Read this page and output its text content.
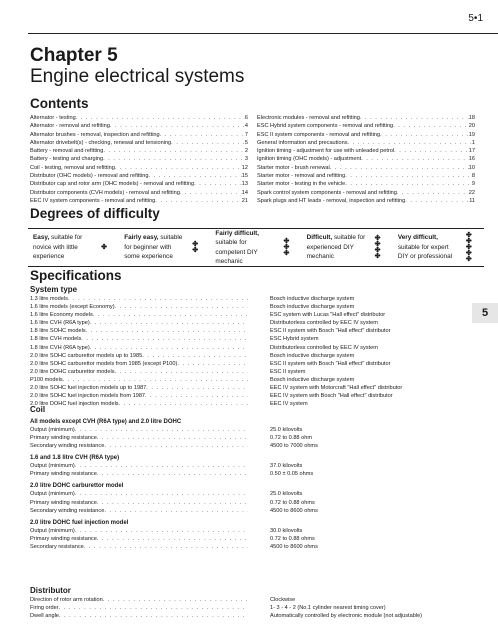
5•1
Chapter 5
Engine electrical systems
Contents
Alternator - testing . . .	6
Alternator - removal and refitting . . .	4
Alternator brushes - removal, inspection and refitting . . .	7
Alternator drivebelt(s) - checking, renewal and tensioning . . .	5
Battery - removal and refitting . . .	2
Battery - testing and charging . . .	3
Coil - testing, removal and refitting . . .	12
Distributor (OHC models) - removal and refitting . . .	15
Distributor cap and rotor arm (OHC models) - removal and refitting . . .	13
Distributor components (CVH models) - removal and refitting . . .	14
EEC IV system components - removal and refitting . . .	21
Electronic modules - removal and refitting . . .	18
ESC Hybrid system components - removal and refitting . . .	20
ESC II system components - removal and refitting . . .	19
General information and precautions . . .	1
Ignition timing - adjustment for use with unleaded petrol . . .	17
Ignition timing (OHC models) - adjustment . . .	16
Starter motor - brush renewal . . .	10
Starter motor - removal and refitting . . .	8
Starter motor - testing in the vehicle . . .	9
Spark control system components - removal and refitting . . .	22
Spark plugs and HT leads - removal, inspection and refitting . . .	11
Degrees of difficulty
Easy, suitable for novice with little experience
✤
Fairly easy, suitable for beginner with some experience
✤
✤
Fairly difficult, suitable for competent DIY mechanic
✤
✤
✤
Difficult, suitable for experienced DIY mechanic
✤
✤
✤
✤
Very difficult, suitable for expert DIY or professional
✤
✤
✤
✤
✤
Specifications
System type
1.3 litre models . . .	Bosch inductive discharge system
1.6 litre models (except Economy) . . .	Bosch inductive discharge system
1.6 litre Economy models . . .	ESC system with Lucas "Hall effect" distributor
1.6 litre CVH (R6A type) . . .	Distributorless controlled by EEC IV system
1.8 litre SOHC models . . .	ESC II system with Bosch "Hall effect" distributor
1.8 litre CVH models . . .	ESC Hybrid system
1.8 litre CVH (R6A type) . . .	Distributorless controlled by EEC IV system
2.0 litre SOHC carburettor models up to 1985 . . .	Bosch inductive discharge system
2.0 litre SOHC carburettor models from 1985 (except P100) . . .	ESC II system with Bosch "Hall effect" distributor
2.0 litre DOHC carburettor models . . .	ESC II system
P100 models . . .	Bosch inductive discharge system
2.0 litre SOHC fuel injection models up to 1987 . . .	EEC IV system with Motorcraft "Hall effect" distributor
2.0 litre SOHC fuel injection models from 1987 . . .	EEC IV system with Bosch "Hall effect" distributor
2.0 litre DOHC fuel injection models . . .	EEC IV system
Coil
All models except CVH (R6A type) and 2.0 litre DOHC
Output (minimum) . . .	25.0 kilovolts
Primary winding resistance . . .	0.72 to 0.88 ohm
Secondary winding resistance . . .	4500 to 7000 ohms
1.6 and 1.8 litre CVH (R6A type)
Output (minimum) . . .	37.0 kilovolts
Primary winding resistance . . .	0.50 ± 0.05 ohms
2.0 litre DOHC carburettor model
Output (minimum) . . .	25.0 kilovolts
Primary winding resistance . . .	0.72 to 0.88 ohms
Secondary winding resistance . . .	4500 to 8600 ohms
2.0 litre DOHC fuel injection model
Output (minimum) . . .	30.0 kilovolts
Primary winding resistance . . .	0.72 to 0.88 ohms
Secondary resistance . . .	4500 to 8600 ohms
Distributor
Direction of rotor arm rotation . . .	Clockwise
Firing order . . .	1- 3 - 4 - 2 (No.1 cylinder nearest timing cover)
Dwell angle . . .	Automatically controlled by electronic module (not adjustable)
5
